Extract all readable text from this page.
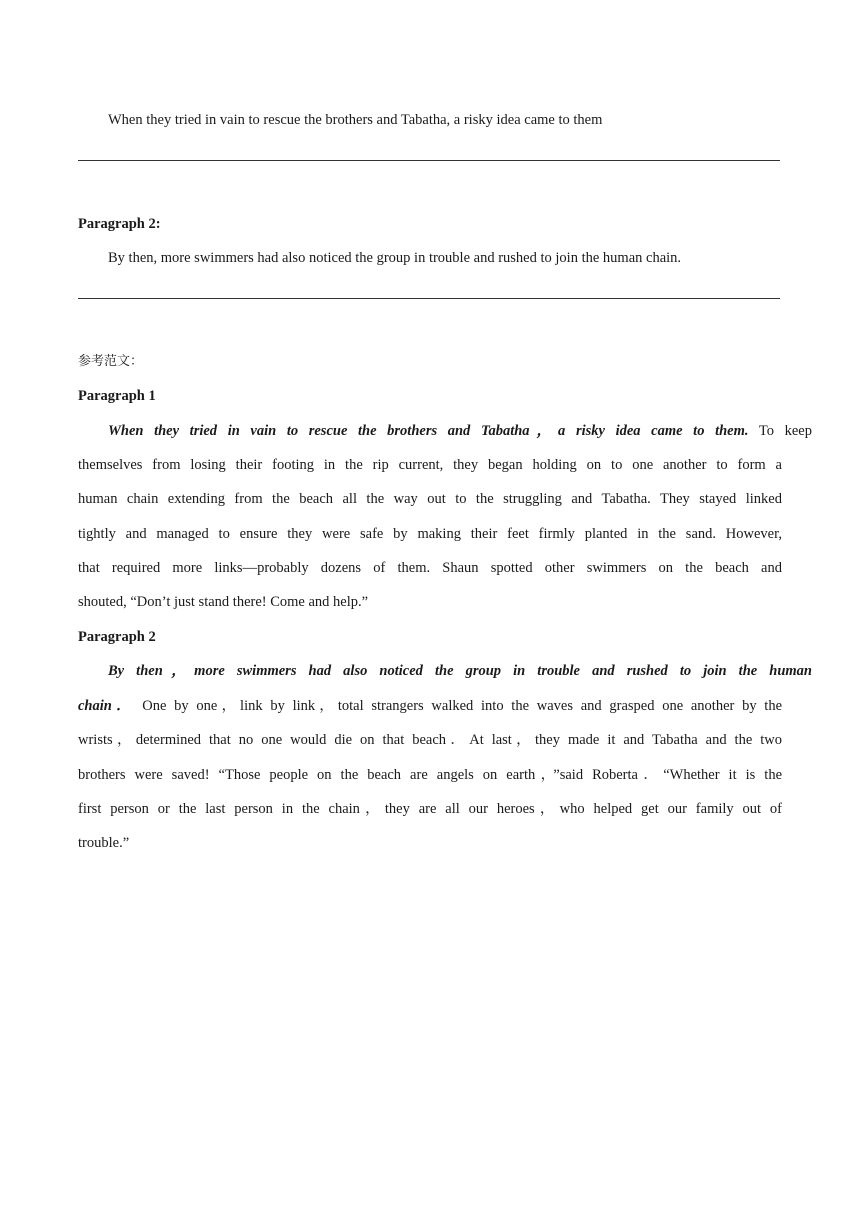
When they tried in vain to rescue the brothers and Tabatha, a risky idea came to them
Paragraph 2:
By then, more swimmers had also noticed the group in trouble and rushed to join the human chain.
参考范文：
Paragraph 1
When they tried in vain to rescue the brothers and Tabatha，a risky idea came to them. To keep
themselves from losing their footing in the rip current, they began holding on to one another to form a
human chain extending from the beach all the way out to the struggling and Tabatha. They stayed linked
tightly and managed to ensure they were safe by making their feet firmly planted in the sand. However,
that required more links—probably dozens of them. Shaun spotted other swimmers on the beach and
shouted, “Don’t just stand there! Come and help.”
Paragraph 2
By then，more swimmers had also noticed the group in trouble and rushed to join the human
chain． One by one，link by link，total strangers walked into the waves and grasped one another by the
wrists，determined that no one would die on that beach．At last，they made it and Tabatha and the two
brothers were saved! “Those people on the beach are angels on earth，”said Roberta．“Whether it is the
first person or the last person in the chain，they are all our heroes，who helped get our family out of
trouble.”
